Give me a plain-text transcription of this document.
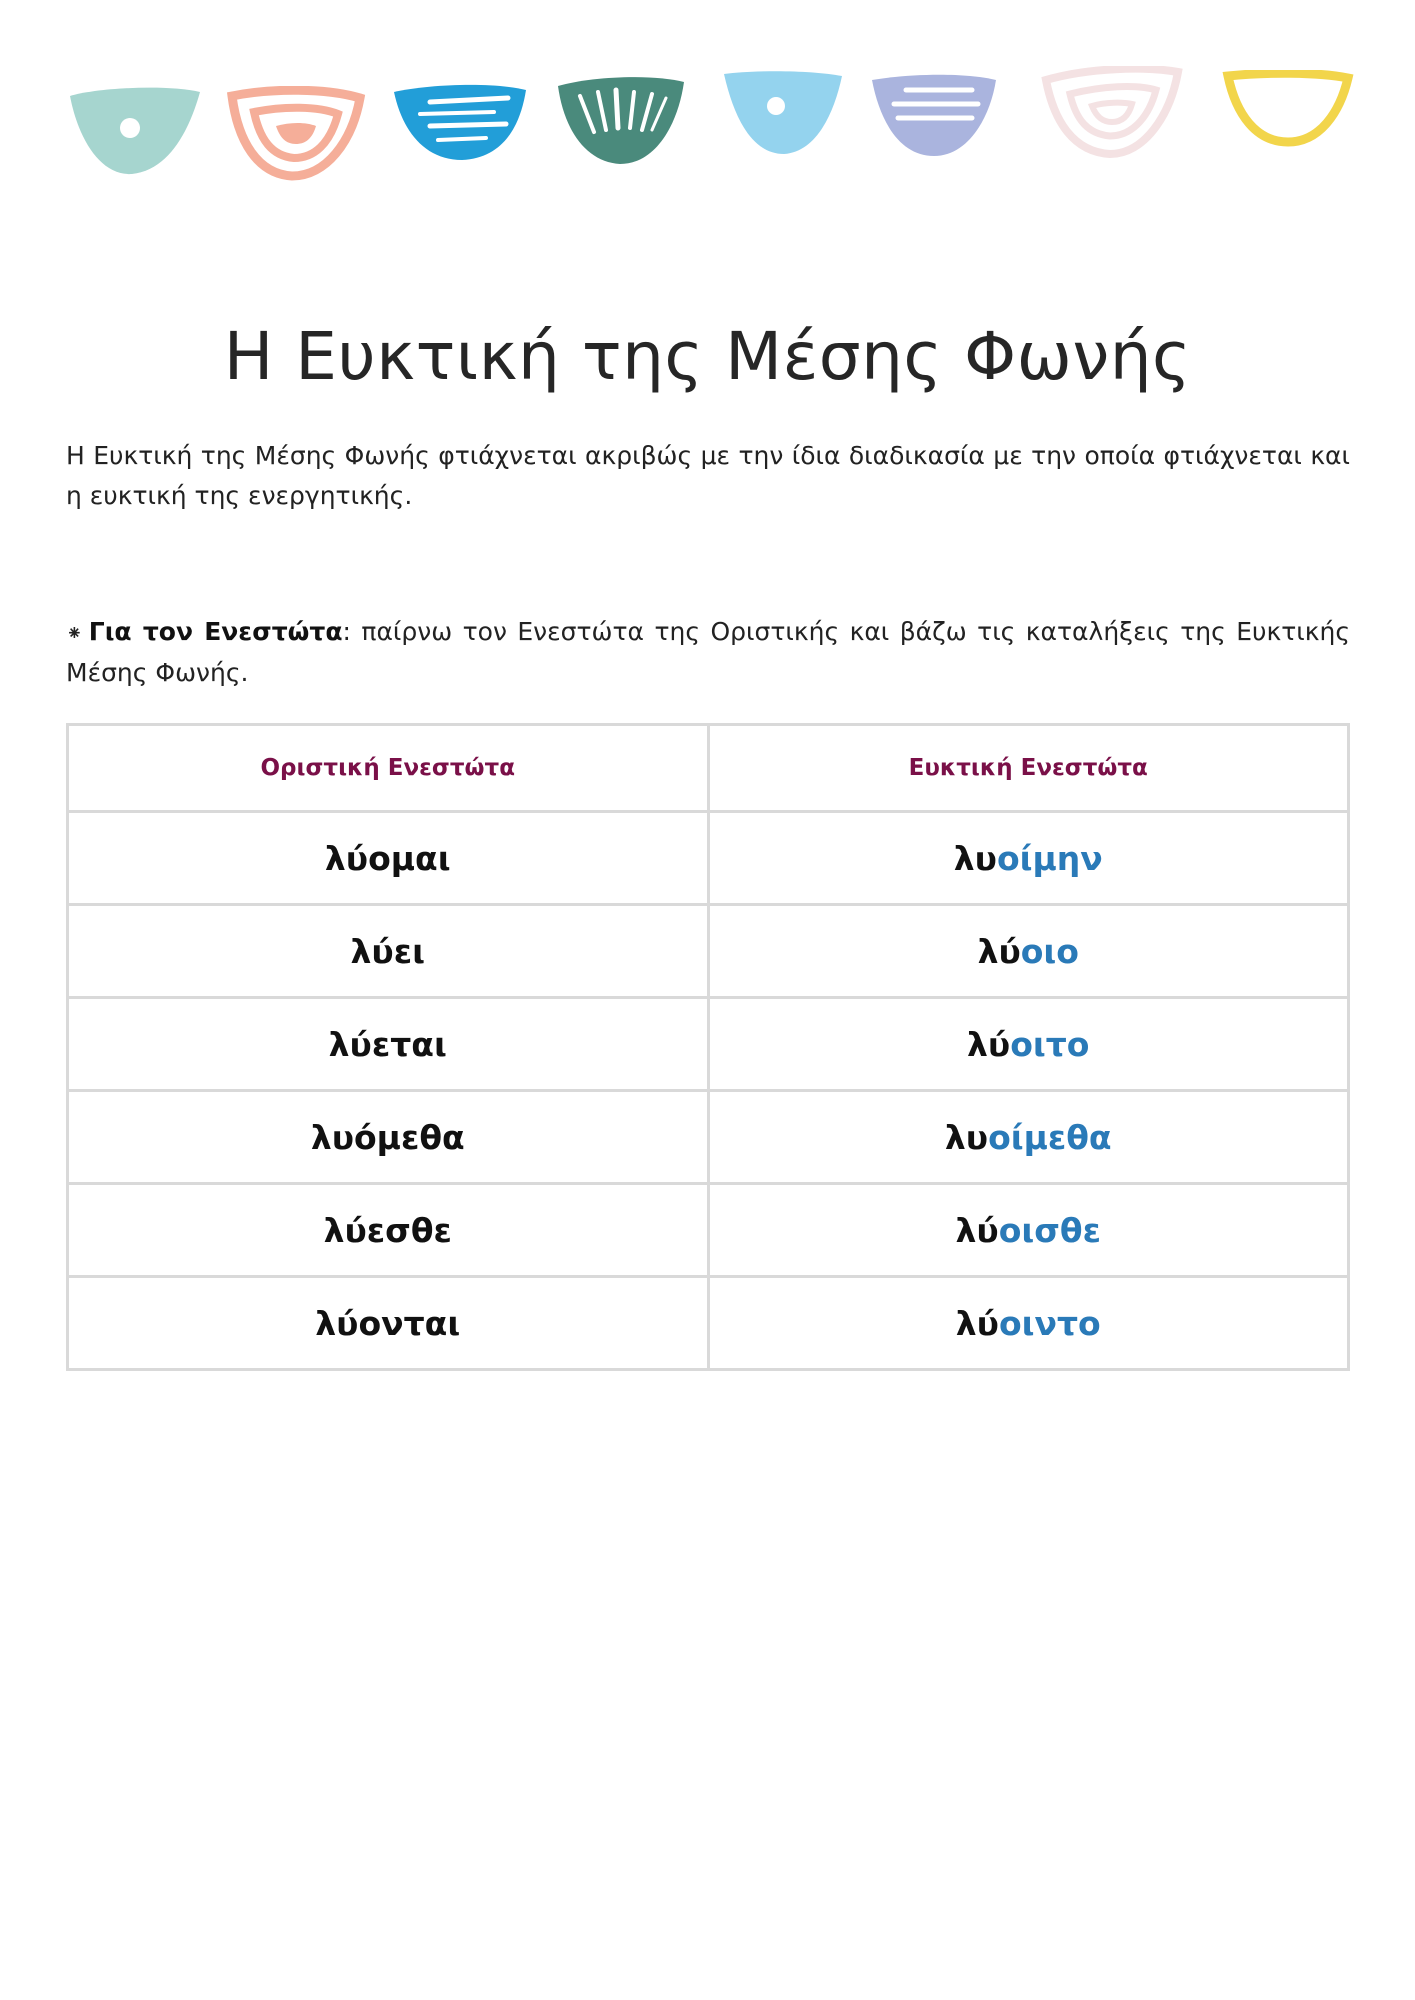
Η Ευκτική της Μέσης Φωνής

Η Ευκτική της Μέσης Φωνής φτιάχνεται ακριβώς με την ίδια διαδικασία με την οποία φτιάχνεται και η ευκτική της ενεργητικής.

⁕ Για τον Ενεστώτα: παίρνω τον Ενεστώτα της Οριστικής και βάζω τις καταλήξεις της Ευκτικής Μέσης Φωνής.

Οριστική Ενεστώτα	Ευκτική Ενεστώτα
λύομαι	λυοίμην
λύει	λύοιο
λύεται	λύοιτο
λυόμεθα	λυοίμεθα
λύεσθε	λύοισθε
λύονται	λύοιντο
